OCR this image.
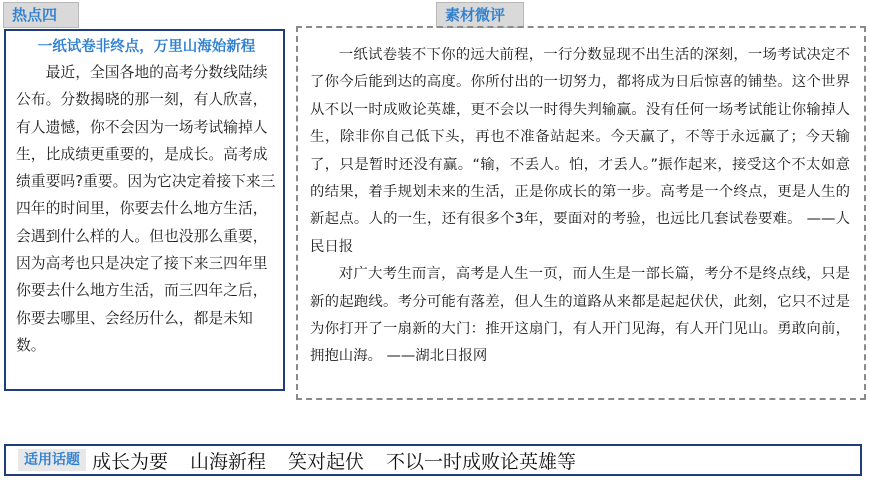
热点四	素材微评
一纸试卷非终点，万里山海始新程

最近，全国各地的高考分数线陆续公布。分数揭晓的那一刻，有人欣喜，有人遗憾，你不会因为一场考试输掉人生，比成绩更重要的，是成长。高考成绩重要吗?重要。因为它决定着接下来三四年的时间里，你要去什么地方生活，会遇到什么样的人。但也没那么重要，因为高考也只是决定了接下来三四年里你要去什么地方生活，而三四年之后，你要去哪里、会经历什么，都是未知数。

一纸试卷装不下你的远大前程，一行分数显现不出生活的深刻，一场考试决定不了你今后能到达的高度。你所付出的一切努力，都将成为日后惊喜的铺垫。这个世界从不以一时成败论英雄，更不会以一时得失判输赢。没有任何一场考试能让你输掉人生，除非你自己低下头，再也不准备站起来。今天赢了，不等于永远赢了；今天输了，只是暂时还没有赢。“输，不丢人。怕，才丢人。”振作起来，接受这个不太如意的结果，着手规划未来的生活，正是你成长的第一步。高考是一个终点，更是人生的新起点。人的一生，还有很多个3年，要面对的考验，也远比几套试卷要难。 ——人民日报

对广大考生而言，高考是人生一页，而人生是一部长篇，考分不是终点线，只是新的起跑线。考分可能有落差，但人生的道路从来都是起起伏伏，此刻，它只不过是为你打开了一扇新的大门：推开这扇门，有人开门见海，有人开门见山。勇敢向前，拥抱山海。 ——湖北日报网

适用话题 成长为要 山海新程 笑对起伏 不以一时成败论英雄等
